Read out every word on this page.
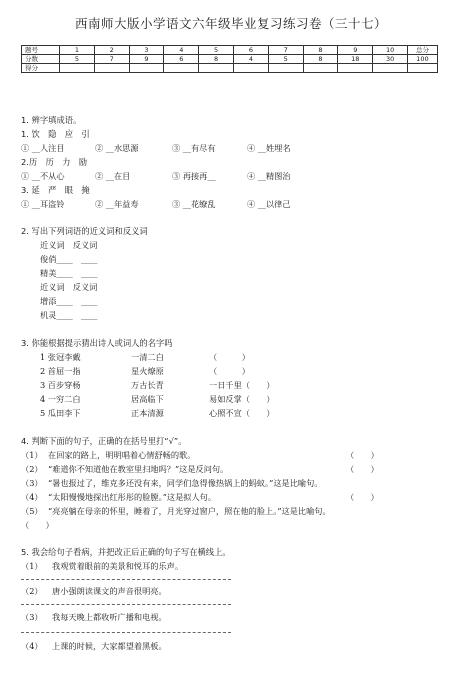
西南师大版小学语文六年级毕业复习练习卷（三十七）
题号	1	2	3	4	5	6	7	8	9	10	总分
分数	5	7	9	6	8	4	5	8	18	30	100
得分											
1. 辨字填成语。
1. 饮　隐　应　引
① __人注目	② __水思源	③ __有尽有	④ __姓埋名
2.历　历　力　励
① __不从心	② __在目	③ 再接再__	④ __精图治
3. 延　严　眼　掩
① __耳盗铃	② __年益寿	③ __花缭乱	④ __以律己
2. 写出下列词语的近义词和反义词
近义词　反义词
俊俏____　____
精美____　____
近义词　反义词
增添____　____
机灵____　____
3. 你能根据提示猜出诗人或词人的名字吗
1 张冠李戴	一清二白	（　　　）
2 首屈一指	星火燎原	（　　　）
3 百步穿杨	万古长青	一日千里（　　）
4 一穷二白	居高临下	易如反掌（　　）
5 瓜田李下	正本清源	心照不宣（　　）
4. 判断下面的句子，正确的在括号里打“√”。
（1） 在回家的路上，明明唱着心情舒畅的歌。	（　　）
（2） “难道你不知道他在教室里扫地吗？”这是反问句。	（　　）
（3） “暑也报过了，维克多还没有来，同学们急得像热锅上的蚂蚁。”这是比喻句。
（4） “太阳慢慢地探出红彤彤的脸膛。”这是拟人句。	（　　）
（5） “亮亮躺在母亲的怀里，睡着了，月光穿过窗户，照在他的脸上。”这是比喻句。
（　　）
5. 我会给句子看病，并把改正后正确的句子写在横线上。
（1） 我观赏着眼前的美景和悦耳的乐声。
（2） 唐小强朗读课文的声音很明亮。
（3） 我每天晚上都收听广播和电视。
（4） 上课的时候，大家都望着黑板。
